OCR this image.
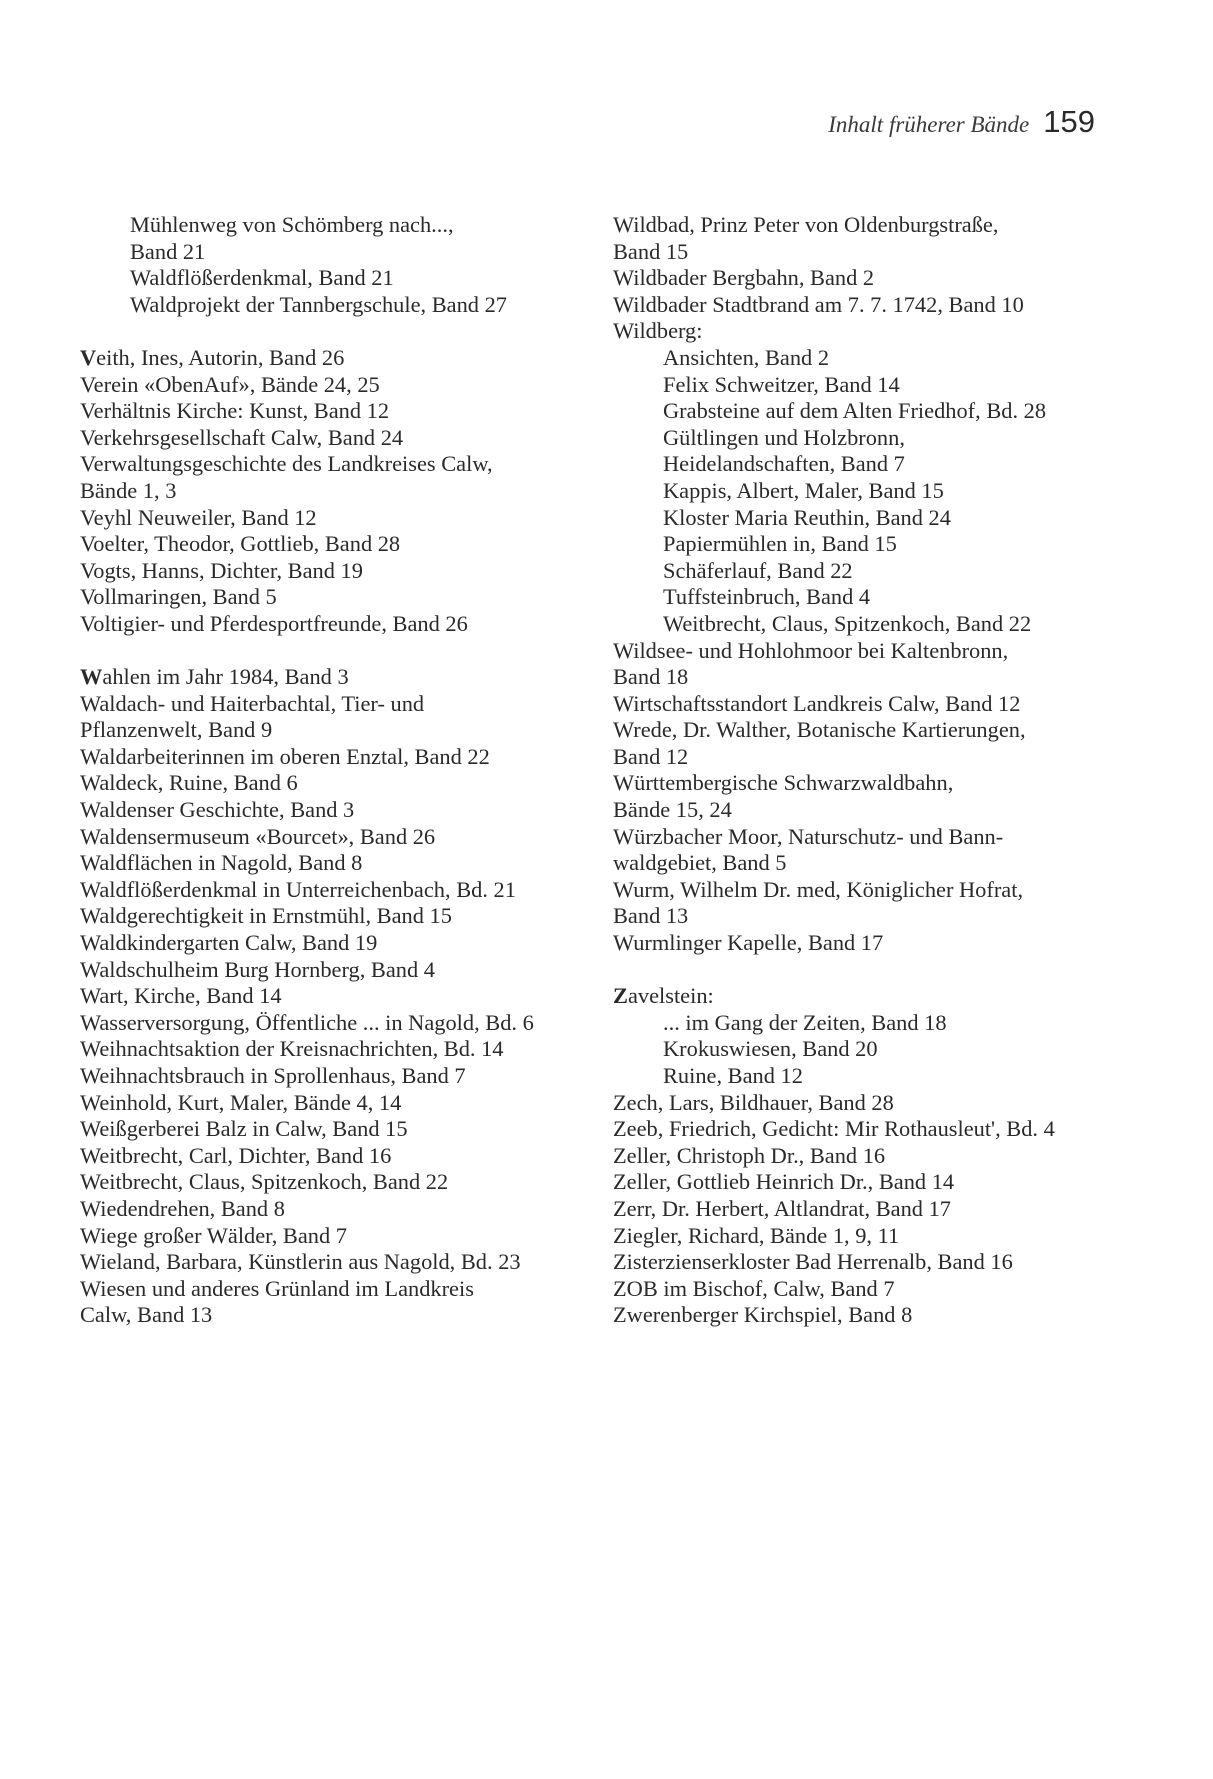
Inhalt früherer Bände 159
Mühlenweg von Schömberg nach...,
Band 21
Waldflößerdenkmal, Band 21
Waldprojekt der Tannbergschule, Band 27
Veith, Ines, Autorin, Band 26
Verein «ObenAuf», Bände 24, 25
Verhältnis Kirche: Kunst, Band 12
Verkehrsgesellschaft Calw, Band 24
Verwaltungsgeschichte des Landkreises Calw,
Bände 1, 3
Veyhl Neuweiler, Band 12
Voelter, Theodor, Gottlieb, Band 28
Vogts, Hanns, Dichter, Band 19
Vollmaringen, Band 5
Voltigier- und Pferdesportfreunde, Band 26
Wahlen im Jahr 1984, Band 3
Waldach- und Haiterbachtal, Tier- und
Pflanzenwelt, Band 9
Waldarbeiterinnen im oberen Enztal, Band 22
Waldeck, Ruine, Band 6
Waldenser Geschichte, Band 3
Waldensermuseum «Bourcet», Band 26
Waldflächen in Nagold, Band 8
Waldflößerdenkmal in Unterreichenbach, Bd. 21
Waldgerechtigkeit in Ernstmühl, Band 15
Waldkindergarten Calw, Band 19
Waldschulheim Burg Hornberg, Band 4
Wart, Kirche, Band 14
Wasserversorgung, Öffentliche ... in Nagold, Bd. 6
Weihnachtsaktion der Kreisnachrichten, Bd. 14
Weihnachtsbrauch in Sprollenhaus, Band 7
Weinhold, Kurt, Maler, Bände 4, 14
Weißgerberei Balz in Calw, Band 15
Weitbrecht, Carl, Dichter, Band 16
Weitbrecht, Claus, Spitzenkoch, Band 22
Wiedendrehen, Band 8
Wiege großer Wälder, Band 7
Wieland, Barbara, Künstlerin aus Nagold, Bd. 23
Wiesen und anderes Grünland im Landkreis
Calw, Band 13
Wildbad, Prinz Peter von Oldenburgstraße,
Band 15
Wildbader Bergbahn, Band 2
Wildbader Stadtbrand am 7. 7. 1742, Band 10
Wildberg:
Ansichten, Band 2
Felix Schweitzer, Band 14
Grabsteine auf dem Alten Friedhof, Bd. 28
Gültlingen und Holzbronn,
Heidelandschaften, Band 7
Kappis, Albert, Maler, Band 15
Kloster Maria Reuthin, Band 24
Papiermühlen in, Band 15
Schäferlauf, Band 22
Tuffsteinbruch, Band 4
Weitbrecht, Claus, Spitzenkoch, Band 22
Wildsee- und Hohlohmoor bei Kaltenbronn,
Band 18
Wirtschaftsstandort Landkreis Calw, Band 12
Wrede, Dr. Walther, Botanische Kartierungen,
Band 12
Württembergische Schwarzwaldbahn,
Bände 15, 24
Würzbacher Moor, Naturschutz- und Bann-
waldgebiet, Band 5
Wurm, Wilhelm Dr. med, Königlicher Hofrat,
Band 13
Wurmlinger Kapelle, Band 17
Zavelstein:
... im Gang der Zeiten, Band 18
Krokuswiesen, Band 20
Ruine, Band 12
Zech, Lars, Bildhauer, Band 28
Zeeb, Friedrich, Gedicht: Mir Rothausleut', Bd. 4
Zeller, Christoph Dr., Band 16
Zeller, Gottlieb Heinrich Dr., Band 14
Zerr, Dr. Herbert, Altlandrat, Band 17
Ziegler, Richard, Bände 1, 9, 11
Zisterzienserkloster Bad Herrenalb, Band 16
ZOB im Bischof, Calw, Band 7
Zwerenberger Kirchspiel, Band 8
